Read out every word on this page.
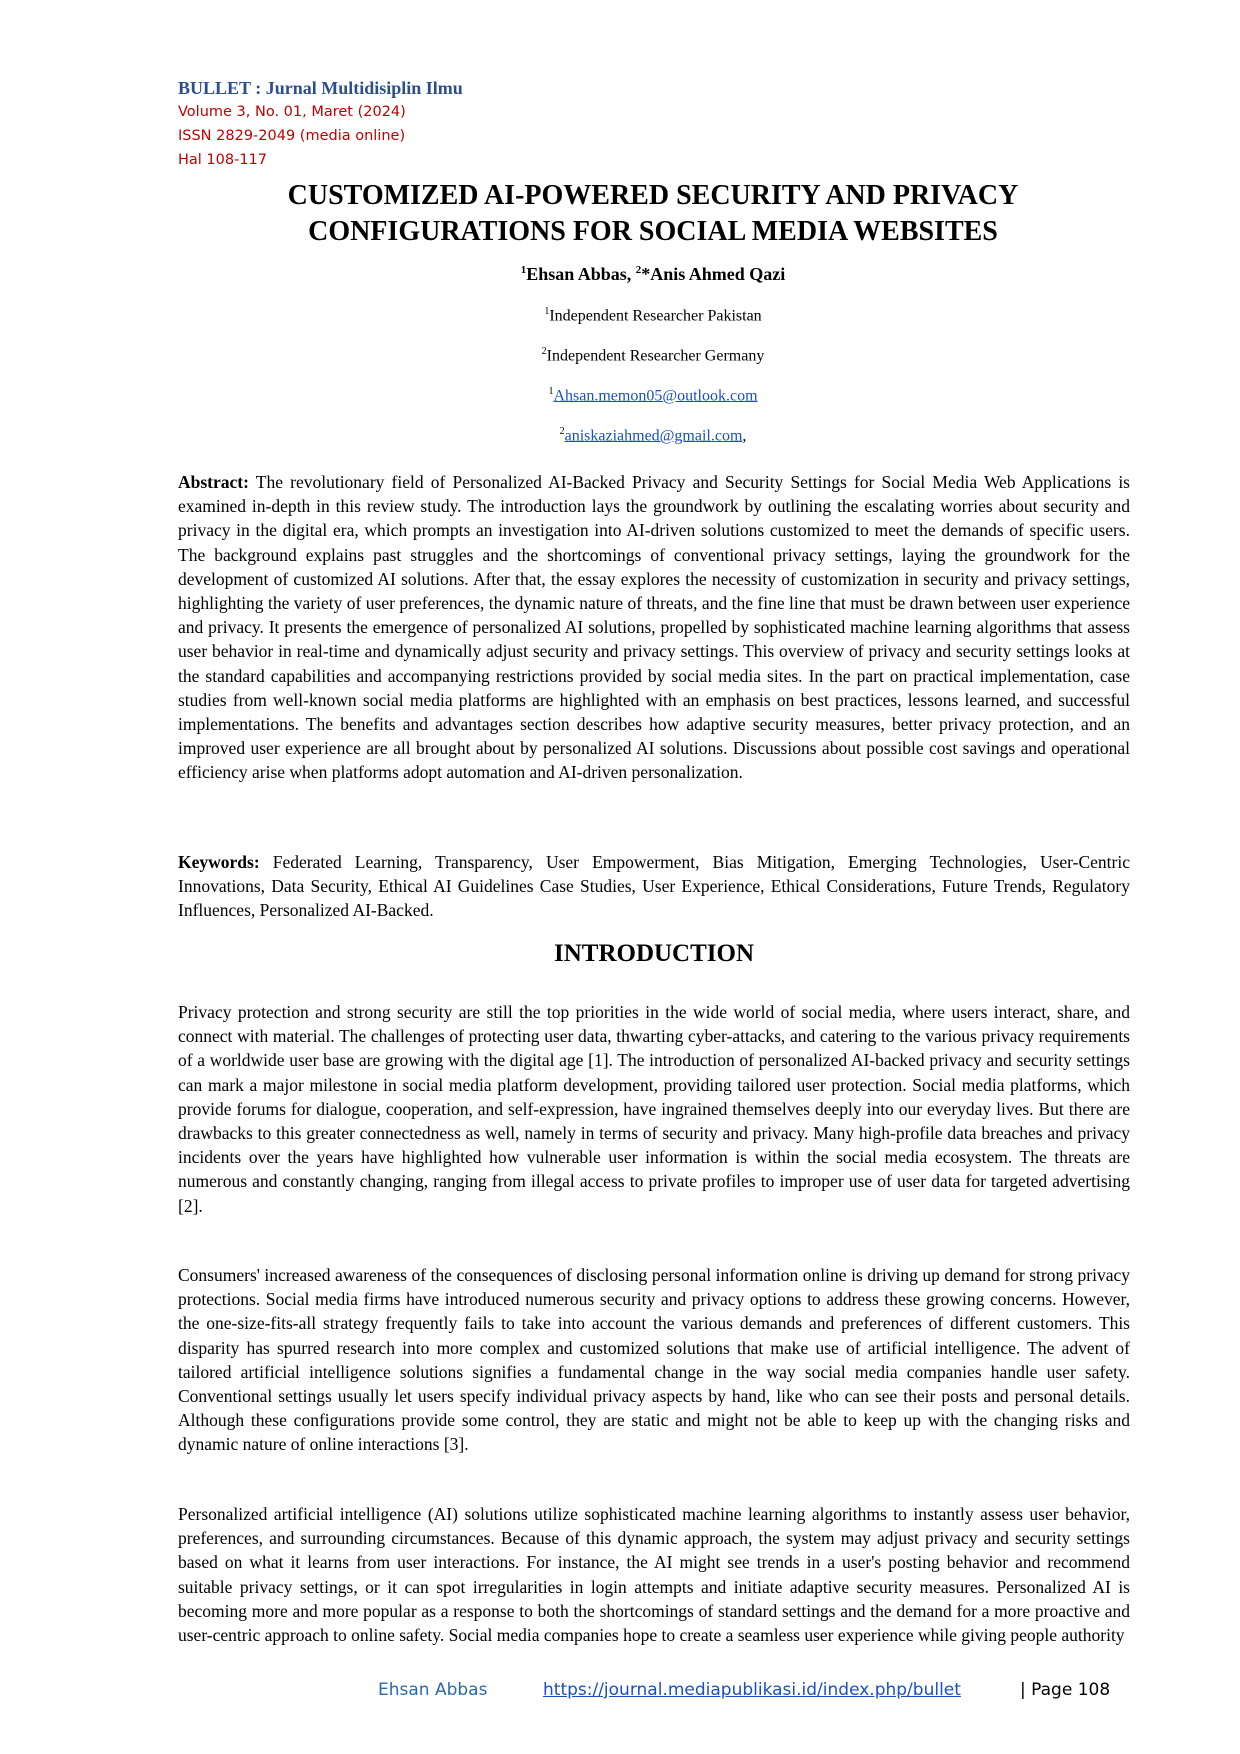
BULLET : Jurnal Multidisiplin Ilmu
Volume 3, No. 01, Maret (2024)
ISSN 2829-2049 (media online)
Hal 108-117
CUSTOMIZED AI-POWERED SECURITY AND PRIVACY
CONFIGURATIONS FOR SOCIAL MEDIA WEBSITES
$^1$Ehsan Abbas, $^2$*Anis Ahmed Qazi
$^1$Independent Researcher Pakistan
$^2$Independent Researcher Germany
$^1$Ahsan.memon05@outlook.com
$^2$aniskaziahmed@gmail.com,
Abstract: The revolutionary field of Personalized AI-Backed Privacy and Security Settings for Social Media Web Applications is examined in-depth in this review study. The introduction lays the groundwork by outlining the escalating worries about security and privacy in the digital era, which prompts an investigation into AI-driven solutions customized to meet the demands of specific users. The background explains past struggles and the shortcomings of conventional privacy settings, laying the groundwork for the development of customized AI solutions. After that, the essay explores the necessity of customization in security and privacy settings, highlighting the variety of user preferences, the dynamic nature of threats, and the fine line that must be drawn between user experience and privacy. It presents the emergence of personalized AI solutions, propelled by sophisticated machine learning algorithms that assess user behavior in real-time and dynamically adjust security and privacy settings. This overview of privacy and security settings looks at the standard capabilities and accompanying restrictions provided by social media sites. In the part on practical implementation, case studies from well-known social media platforms are highlighted with an emphasis on best practices, lessons learned, and successful implementations. The benefits and advantages section describes how adaptive security measures, better privacy protection, and an improved user experience are all brought about by personalized AI solutions. Discussions about possible cost savings and operational efficiency arise when platforms adopt automation and AI-driven personalization.
Keywords: Federated Learning, Transparency, User Empowerment, Bias Mitigation, Emerging Technologies, User-Centric Innovations, Data Security, Ethical AI Guidelines Case Studies, User Experience, Ethical Considerations, Future Trends, Regulatory Influences, Personalized AI-Backed.
INTRODUCTION
Privacy protection and strong security are still the top priorities in the wide world of social media, where users interact, share, and connect with material. The challenges of protecting user data, thwarting cyber-attacks, and catering to the various privacy requirements of a worldwide user base are growing with the digital age [1]. The introduction of personalized AI-backed privacy and security settings can mark a major milestone in social media platform development, providing tailored user protection. Social media platforms, which provide forums for dialogue, cooperation, and self-expression, have ingrained themselves deeply into our everyday lives. But there are drawbacks to this greater connectedness as well, namely in terms of security and privacy. Many high-profile data breaches and privacy incidents over the years have highlighted how vulnerable user information is within the social media ecosystem. The threats are numerous and constantly changing, ranging from illegal access to private profiles to improper use of user data for targeted advertising [2].
Consumers' increased awareness of the consequences of disclosing personal information online is driving up demand for strong privacy protections. Social media firms have introduced numerous security and privacy options to address these growing concerns. However, the one-size-fits-all strategy frequently fails to take into account the various demands and preferences of different customers. This disparity has spurred research into more complex and customized solutions that make use of artificial intelligence. The advent of tailored artificial intelligence solutions signifies a fundamental change in the way social media companies handle user safety. Conventional settings usually let users specify individual privacy aspects by hand, like who can see their posts and personal details. Although these configurations provide some control, they are static and might not be able to keep up with the changing risks and dynamic nature of online interactions [3].
Personalized artificial intelligence (AI) solutions utilize sophisticated machine learning algorithms to instantly assess user behavior, preferences, and surrounding circumstances. Because of this dynamic approach, the system may adjust privacy and security settings based on what it learns from user interactions. For instance, the AI might see trends in a user's posting behavior and recommend suitable privacy settings, or it can spot irregularities in login attempts and initiate adaptive security measures. Personalized AI is becoming more and more popular as a response to both the shortcomings of standard settings and the demand for a more proactive and user-centric approach to online safety. Social media companies hope to create a seamless user experience while giving people authority
Ehsan Abbas	https://journal.mediapublikasi.id/index.php/bullet	| Page 108
